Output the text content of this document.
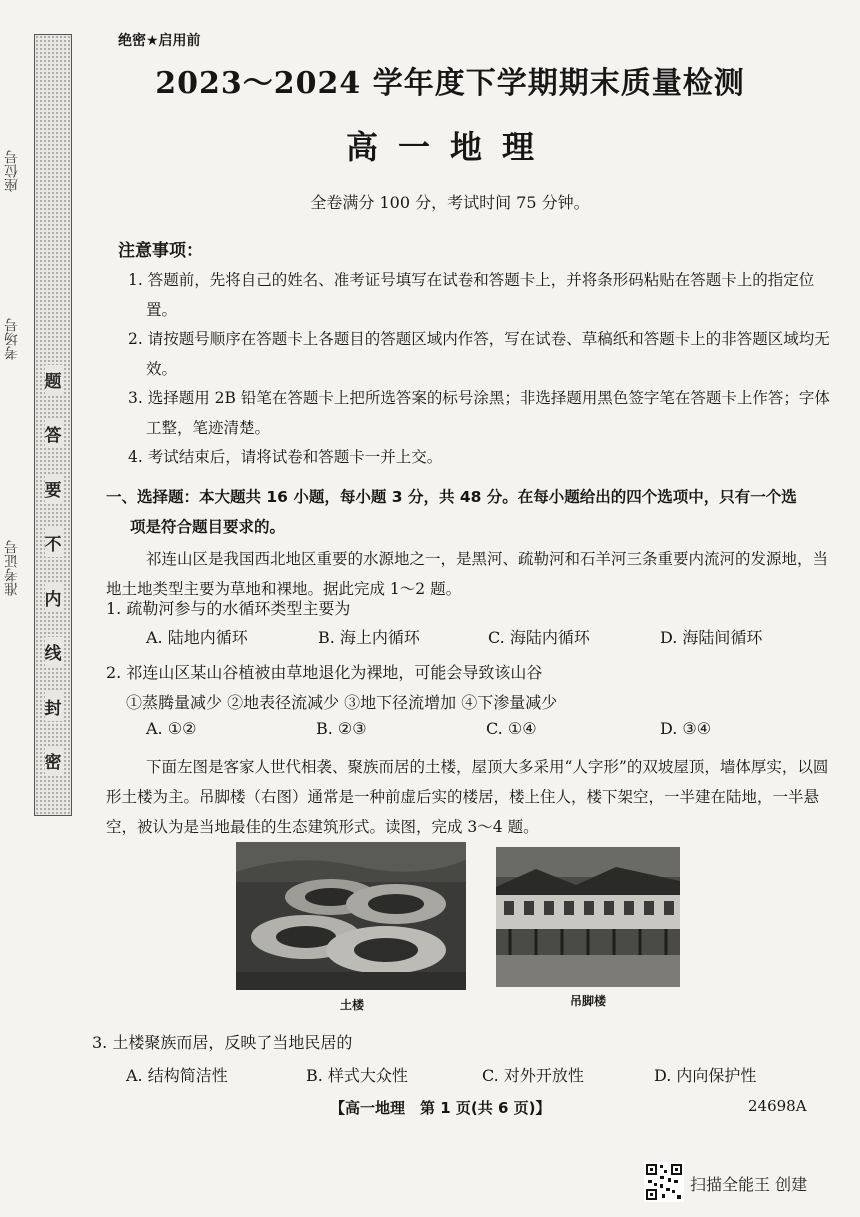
题
答
要
不
内
线
封
密
座位号
考场号
准考证号
绝密★启用前
2023～2024 学年度下学期期末质量检测
高一地理
全卷满分 100 分，考试时间 75 分钟。
注意事项：
1. 答题前，先将自己的姓名、准考证号填写在试卷和答题卡上，并将条形码粘贴在答题卡上的指定位置。
2. 请按题号顺序在答题卡上各题目的答题区域内作答，写在试卷、草稿纸和答题卡上的非答题区域均无效。
3. 选择题用 2B 铅笔在答题卡上把所选答案的标号涂黑；非选择题用黑色签字笔在答题卡上作答；字体工整，笔迹清楚。
4. 考试结束后，请将试卷和答题卡一并上交。
一、选择题：本大题共 16 小题，每小题 3 分，共 48 分。在每小题给出的四个选项中，只有一个选
项是符合题目要求的。
祁连山区是我国西北地区重要的水源地之一，是黑河、疏勒河和石羊河三条重要内流河的发源地，当地土地类型主要为草地和裸地。据此完成 1～2 题。
1. 疏勒河参与的水循环类型主要为
A. 陆地内循环	B. 海上内循环	C. 海陆内循环	D. 海陆间循环
2. 祁连山区某山谷植被由草地退化为裸地，可能会导致该山谷
①蒸腾量减少 ②地表径流减少 ③地下径流增加 ④下渗量减少
A. ①②	B. ②③	C. ①④	D. ③④
下面左图是客家人世代相袭、聚族而居的土楼，屋顶大多采用“人字形”的双坡屋顶，墙体厚实，以圆形土楼为主。吊脚楼（右图）通常是一种前虚后实的楼居，楼上住人，楼下架空，一半建在陆地，一半悬空，被认为是当地最佳的生态建筑形式。读图，完成 3～4 题。
土楼	吊脚楼
3. 土楼聚族而居，反映了当地民居的
A. 结构简洁性	B. 样式大众性	C. 对外开放性	D. 内向保护性
【高一地理　第 1 页(共 6 页)】	24698A
扫描全能王 创建
